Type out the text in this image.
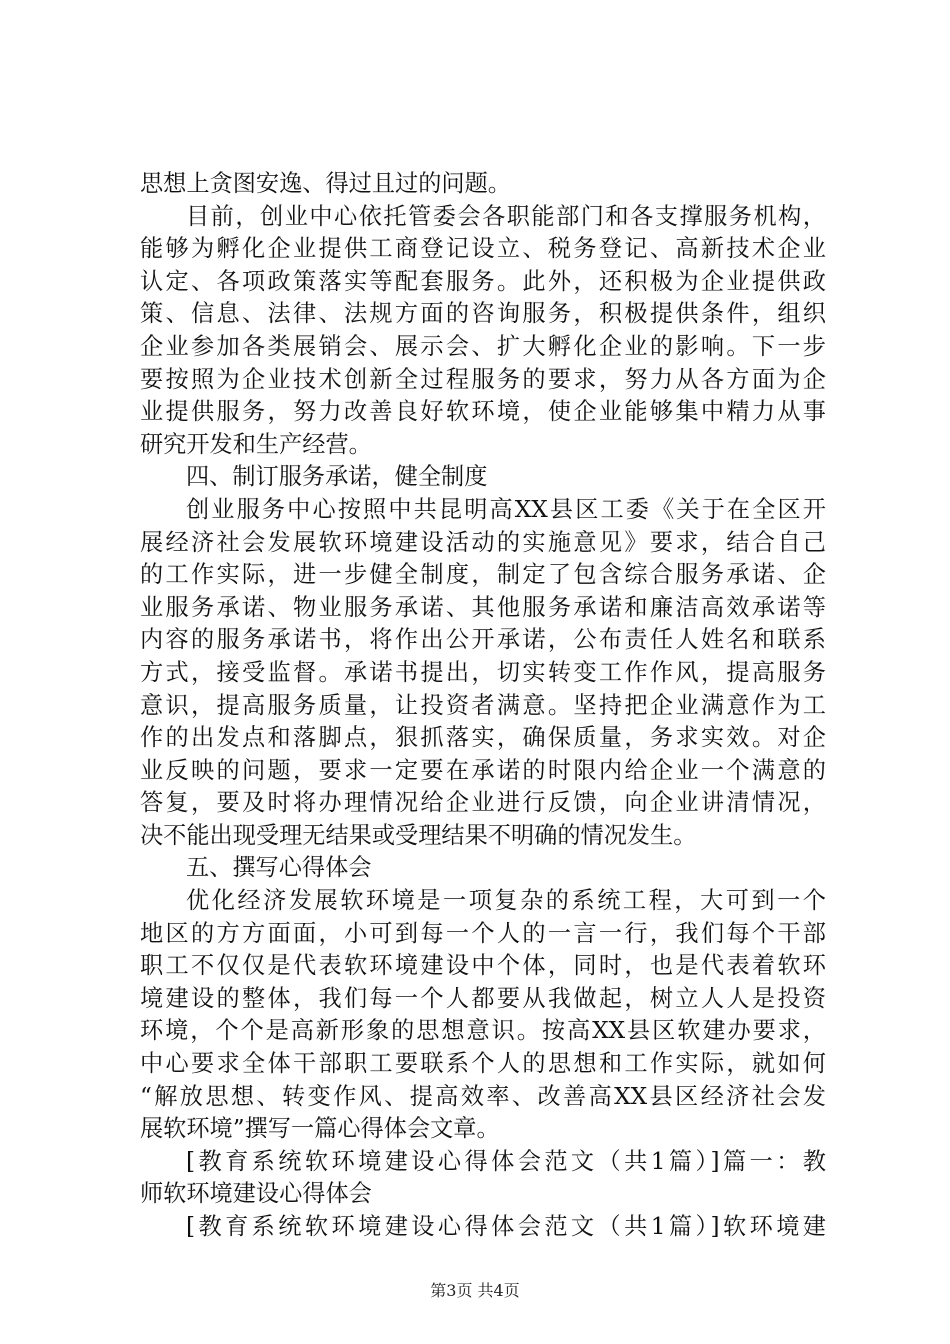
思想上贪图安逸、得过且过的问题。
目前，创业中心依托管委会各职能部门和各支撑服务机构，
能够为孵化企业提供工商登记设立、税务登记、高新技术企业
认定、各项政策落实等配套服务。此外，还积极为企业提供政
策、信息、法律、法规方面的咨询服务，积极提供条件，组织
企业参加各类展销会、展示会、扩大孵化企业的影响。下一步
要按照为企业技术创新全过程服务的要求，努力从各方面为企
业提供服务，努力改善良好软环境，使企业能够集中精力从事
研究开发和生产经营。
四、制订服务承诺，健全制度
创业服务中心按照中共昆明高XX县区工委《关于在全区开
展经济社会发展软环境建设活动的实施意见》要求，结合自己
的工作实际，进一步健全制度，制定了包含综合服务承诺、企
业服务承诺、物业服务承诺、其他服务承诺和廉洁高效承诺等
内容的服务承诺书，将作出公开承诺，公布责任人姓名和联系
方式，接受监督。承诺书提出，切实转变工作作风，提高服务
意识，提高服务质量，让投资者满意。坚持把企业满意作为工
作的出发点和落脚点，狠抓落实，确保质量，务求实效。对企
业反映的问题，要求一定要在承诺的时限内给企业一个满意的
答复，要及时将办理情况给企业进行反馈，向企业讲清情况，
决不能出现受理无结果或受理结果不明确的情况发生。
五、撰写心得体会
优化经济发展软环境是一项复杂的系统工程，大可到一个
地区的方方面面，小可到每一个人的一言一行，我们每个干部
职工不仅仅是代表软环境建设中个体，同时，也是代表着软环
境建设的整体，我们每一个人都要从我做起，树立人人是投资
环境，个个是高新形象的思想意识。按高XX县区软建办要求，
中心要求全体干部职工要联系个人的思想和工作实际，就如何
“解放思想、转变作风、提高效率、改善高XX县区经济社会发
展软环境”撰写一篇心得体会文章。
[教育系统软环境建设心得体会范文（共1篇）]篇一：教
师软环境建设心得体会
[教育系统软环境建设心得体会范文（共1篇）]软环境建
第3页 共4页
